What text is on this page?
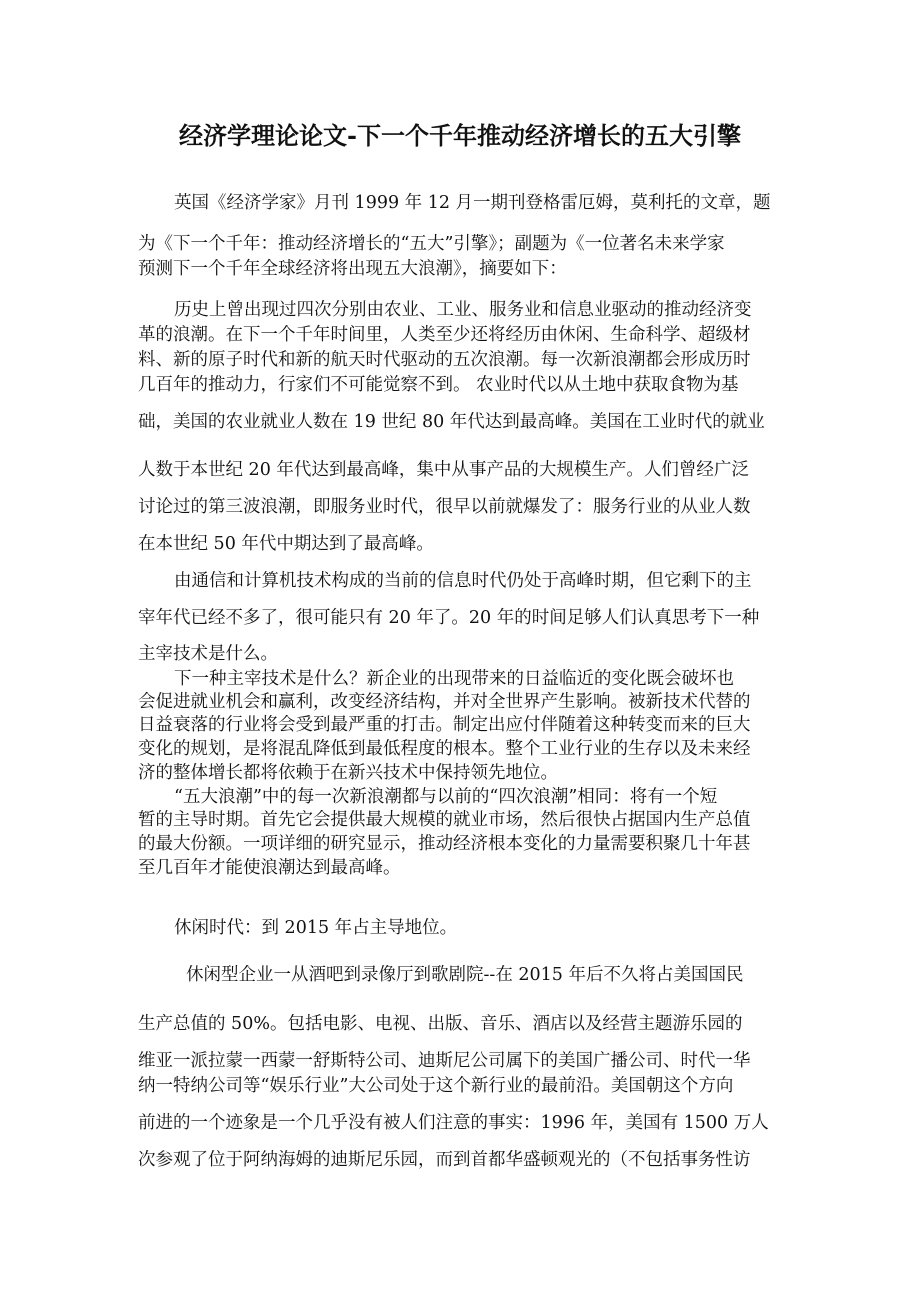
经济学理论论文-下一个千年推动经济增长的五大引擎
英国《经济学家》月刊 1999 年 12 月一期刊登格雷厄姆，莫利托的文章，题
为《下一个千年：推动经济增长的“五大”引擎》；副题为《一位著名未来学家
预测下一个千年全球经济将出现五大浪潮》，摘要如下：
历史上曾出现过四次分别由农业、工业、服务业和信息业驱动的推动经济变
革的浪潮。在下一个千年时间里，人类至少还将经历由休闲、生命科学、超级材
料、新的原子时代和新的航天时代驱动的五次浪潮。每一次新浪潮都会形成历时
几百年的推动力，行家们不可能觉察不到。 农业时代以从土地中获取食物为基
础，美国的农业就业人数在 19 世纪 80 年代达到最高峰。美国在工业时代的就业
人数于本世纪 20 年代达到最高峰，集中从事产品的大规模生产。人们曾经广泛
讨论过的第三波浪潮，即服务业时代，很早以前就爆发了：服务行业的从业人数
在本世纪 50 年代中期达到了最高峰。
由通信和计算机技术构成的当前的信息时代仍处于高峰时期，但它剩下的主
宰年代已经不多了，很可能只有 20 年了。20 年的时间足够人们认真思考下一种
主宰技术是什么。
下一种主宰技术是什么？新企业的出现带来的日益临近的变化既会破坏也
会促进就业机会和赢利，改变经济结构，并对全世界产生影响。被新技术代替的
日益衰落的行业将会受到最严重的打击。制定出应付伴随着这种转变而来的巨大
变化的规划，是将混乱降低到最低程度的根本。整个工业行业的生存以及未来经
济的整体增长都将依赖于在新兴技术中保持领先地位。
“五大浪潮”中的每一次新浪潮都与以前的“四次浪潮”相同：将有一个短
暂的主导时期。首先它会提供最大规模的就业市场，然后很快占据国内生产总值
的最大份额。一项详细的研究显示，推动经济根本变化的力量需要积聚几十年甚
至几百年才能使浪潮达到最高峰。
休闲时代：到 2015 年占主导地位。
休闲型企业一从酒吧到录像厅到歌剧院--在 2015 年后不久将占美国国民
生产总值的 50%。包括电影、电视、出版、音乐、酒店以及经营主题游乐园的
维亚一派拉蒙一西蒙一舒斯特公司、迪斯尼公司属下的美国广播公司、时代一华
纳一特纳公司等“娱乐行业”大公司处于这个新行业的最前沿。美国朝这个方向
前进的一个迹象是一个几乎没有被人们注意的事实：1996 年，美国有 1500 万人
次参观了位于阿纳海姆的迪斯尼乐园，而到首都华盛顿观光的（不包括事务性访
